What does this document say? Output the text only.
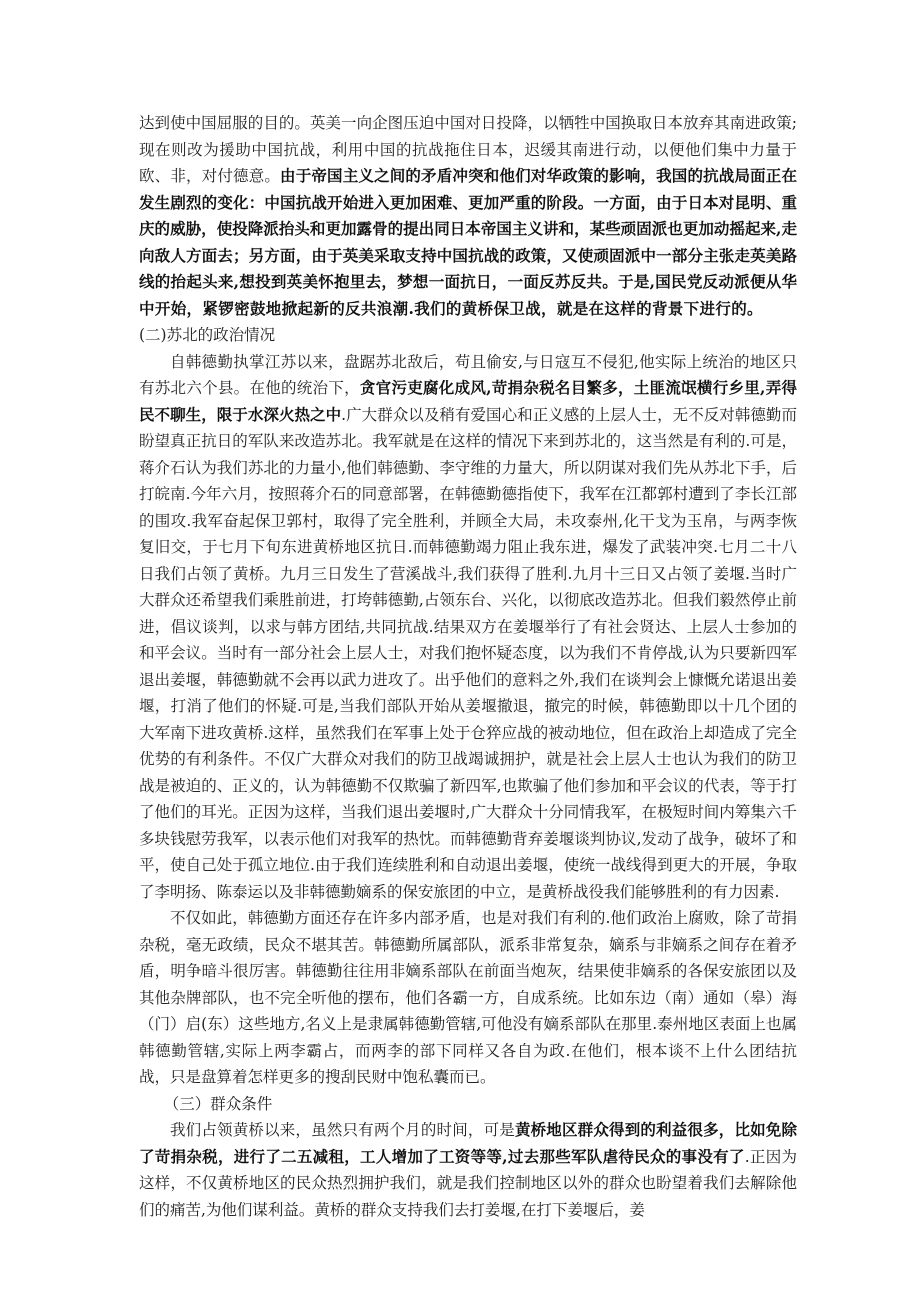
达到使中国屈服的目的。英美一向企图压迫中国对日投降，以牺牲中国换取日本放弃其南进政策;现在则改为援助中国抗战，利用中国的抗战拖住日本，迟缓其南进行动，以便他们集中力量于欧、非，对付德意。由于帝国主义之间的矛盾冲突和他们对华政策的影响，我国的抗战局面正在发生剧烈的变化：中国抗战开始进入更加困难、更加严重的阶段。一方面，由于日本对昆明、重庆的威胁，使投降派抬头和更加露骨的提出同日本帝国主义讲和，某些顽固派也更加动摇起来,走向敌人方面去；另方面，由于英美采取支持中国抗战的政策，又使顽固派中一部分主张走英美路线的抬起头来,想投到英美怀抱里去，梦想一面抗日，一面反苏反共。于是,国民党反动派便从华中开始，紧锣密鼓地掀起新的反共浪潮.我们的黄桥保卫战，就是在这样的背景下进行的。(二)苏北的政治情况

自韩德勤执掌江苏以来，盘踞苏北敌后，苟且偷安,与日寇互不侵犯,他实际上统治的地区只有苏北六个县。在他的统治下，贪官污吏腐化成风,苛捐杂税名目繁多，土匪流氓横行乡里,弄得民不聊生，限于水深火热之中.广大群众以及稍有爱国心和正义感的上层人士，无不反对韩德勤而盼望真正抗日的军队来改造苏北。我军就是在这样的情况下来到苏北的，这当然是有利的.可是，蒋介石认为我们苏北的力量小,他们韩德勤、李守维的力量大，所以阴谋对我们先从苏北下手，后打皖南.今年六月，按照蒋介石的同意部署，在韩德勤德指使下，我军在江都郭村遭到了李长江部的围攻.我军奋起保卫郭村，取得了完全胜利，并顾全大局，未攻泰州,化干戈为玉帛，与两李恢复旧交，于七月下旬东进黄桥地区抗日.而韩德勤竭力阻止我东进，爆发了武装冲突.七月二十八日我们占领了黄桥。九月三日发生了营溪战斗,我们获得了胜利.九月十三日又占领了姜堰.当时广大群众还希望我们乘胜前进，打垮韩德勤,占领东台、兴化，以彻底改造苏北。但我们毅然停止前进，倡议谈判，以求与韩方团结,共同抗战.结果双方在姜堰举行了有社会贤达、上层人士参加的和平会议。当时有一部分社会上层人士，对我们抱怀疑态度，以为我们不肯停战,认为只要新四军退出姜堰，韩德勤就不会再以武力进攻了。出乎他们的意料之外,我们在谈判会上慷慨允诺退出姜堰，打消了他们的怀疑.可是,当我们部队开始从姜堰撤退，撤完的时候，韩德勤即以十几个团的大军南下进攻黄桥.这样，虽然我们在军事上处于仓猝应战的被动地位，但在政治上却造成了完全优势的有利条件。不仅广大群众对我们的防卫战竭诚拥护，就是社会上层人士也认为我们的防卫战是被迫的、正义的，认为韩德勤不仅欺骗了新四军,也欺骗了他们参加和平会议的代表，等于打了他们的耳光。正因为这样，当我们退出姜堰时,广大群众十分同情我军，在极短时间内筹集六千多块钱慰劳我军，以表示他们对我军的热忱。而韩德勤背弃姜堰谈判协议,发动了战争，破坏了和平，使自己处于孤立地位.由于我们连续胜利和自动退出姜堰，使统一战线得到更大的开展，争取了李明扬、陈泰运以及非韩德勤嫡系的保安旅团的中立，是黄桥战役我们能够胜利的有力因素.

不仅如此，韩德勤方面还存在许多内部矛盾，也是对我们有利的.他们政治上腐败，除了苛捐杂税，毫无政绩，民众不堪其苦。韩德勤所属部队，派系非常复杂，嫡系与非嫡系之间存在着矛盾，明争暗斗很厉害。韩德勤往往用非嫡系部队在前面当炮灰，结果使非嫡系的各保安旅团以及其他杂牌部队，也不完全听他的摆布，他们各霸一方，自成系统。比如东边（南）通如（皋）海（门）启(东）这些地方,名义上是隶属韩德勤管辖,可他没有嫡系部队在那里.泰州地区表面上也属韩德勤管辖,实际上两李霸占，而两李的部下同样又各自为政.在他们，根本谈不上什么团结抗战，只是盘算着怎样更多的搜刮民财中饱私囊而已。

（三）群众条件

我们占领黄桥以来，虽然只有两个月的时间，可是黄桥地区群众得到的利益很多，比如免除了苛捐杂税，进行了二五减租，工人增加了工资等等,过去那些军队虐待民众的事没有了.正因为这样，不仅黄桥地区的民众热烈拥护我们，就是我们控制地区以外的群众也盼望着我们去解除他们的痛苦,为他们谋利益。黄桥的群众支持我们去打姜堰,在打下姜堰后，姜
